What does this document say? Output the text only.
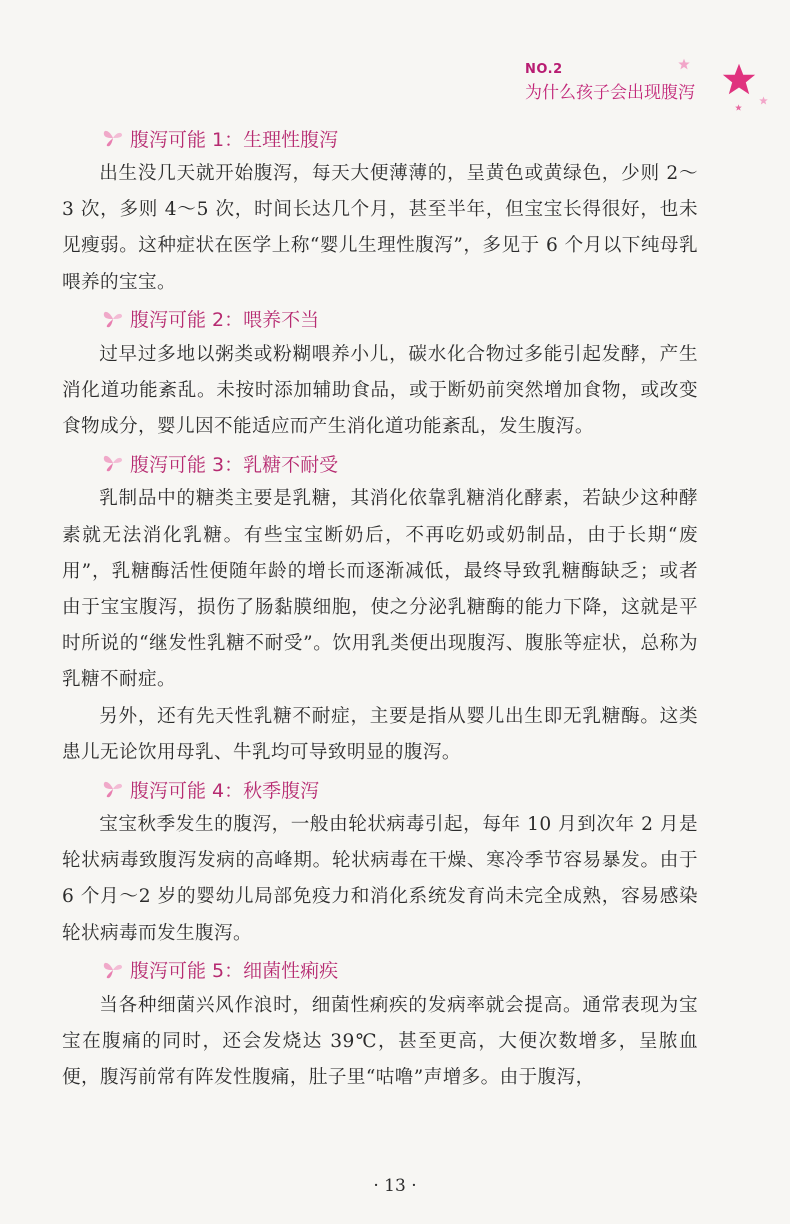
NO.2
为什么孩子会出现腹泻
腹泻可能 1：生理性腹泻

出生没几天就开始腹泻，每天大便薄薄的，呈黄色或黄绿色，少则 2～3 次，多则 4～5 次，时间长达几个月，甚至半年，但宝宝长得很好，也未见瘦弱。这种症状在医学上称“婴儿生理性腹泻”，多见于 6 个月以下纯母乳喂养的宝宝。

腹泻可能 2：喂养不当

过早过多地以粥类或粉糊喂养小儿，碳水化合物过多能引起发酵，产生消化道功能紊乱。未按时添加辅助食品，或于断奶前突然增加食物，或改变食物成分，婴儿因不能适应而产生消化道功能紊乱，发生腹泻。

腹泻可能 3：乳糖不耐受

乳制品中的糖类主要是乳糖，其消化依靠乳糖消化酵素，若缺少这种酵素就无法消化乳糖。有些宝宝断奶后，不再吃奶或奶制品，由于长期“废用”，乳糖酶活性便随年龄的增长而逐渐减低，最终导致乳糖酶缺乏；或者由于宝宝腹泻，损伤了肠黏膜细胞，使之分泌乳糖酶的能力下降，这就是平时所说的“继发性乳糖不耐受”。饮用乳类便出现腹泻、腹胀等症状，总称为乳糖不耐症。

另外，还有先天性乳糖不耐症，主要是指从婴儿出生即无乳糖酶。这类患儿无论饮用母乳、牛乳均可导致明显的腹泻。

腹泻可能 4：秋季腹泻

宝宝秋季发生的腹泻，一般由轮状病毒引起，每年 10 月到次年 2 月是轮状病毒致腹泻发病的高峰期。轮状病毒在干燥、寒冷季节容易暴发。由于 6 个月～2 岁的婴幼儿局部免疫力和消化系统发育尚未完全成熟，容易感染轮状病毒而发生腹泻。

腹泻可能 5：细菌性痢疾

当各种细菌兴风作浪时，细菌性痢疾的发病率就会提高。通常表现为宝宝在腹痛的同时，还会发烧达 39℃，甚至更高，大便次数增多，呈脓血便，腹泻前常有阵发性腹痛，肚子里“咕噜”声增多。由于腹泻，

· 13 ·
